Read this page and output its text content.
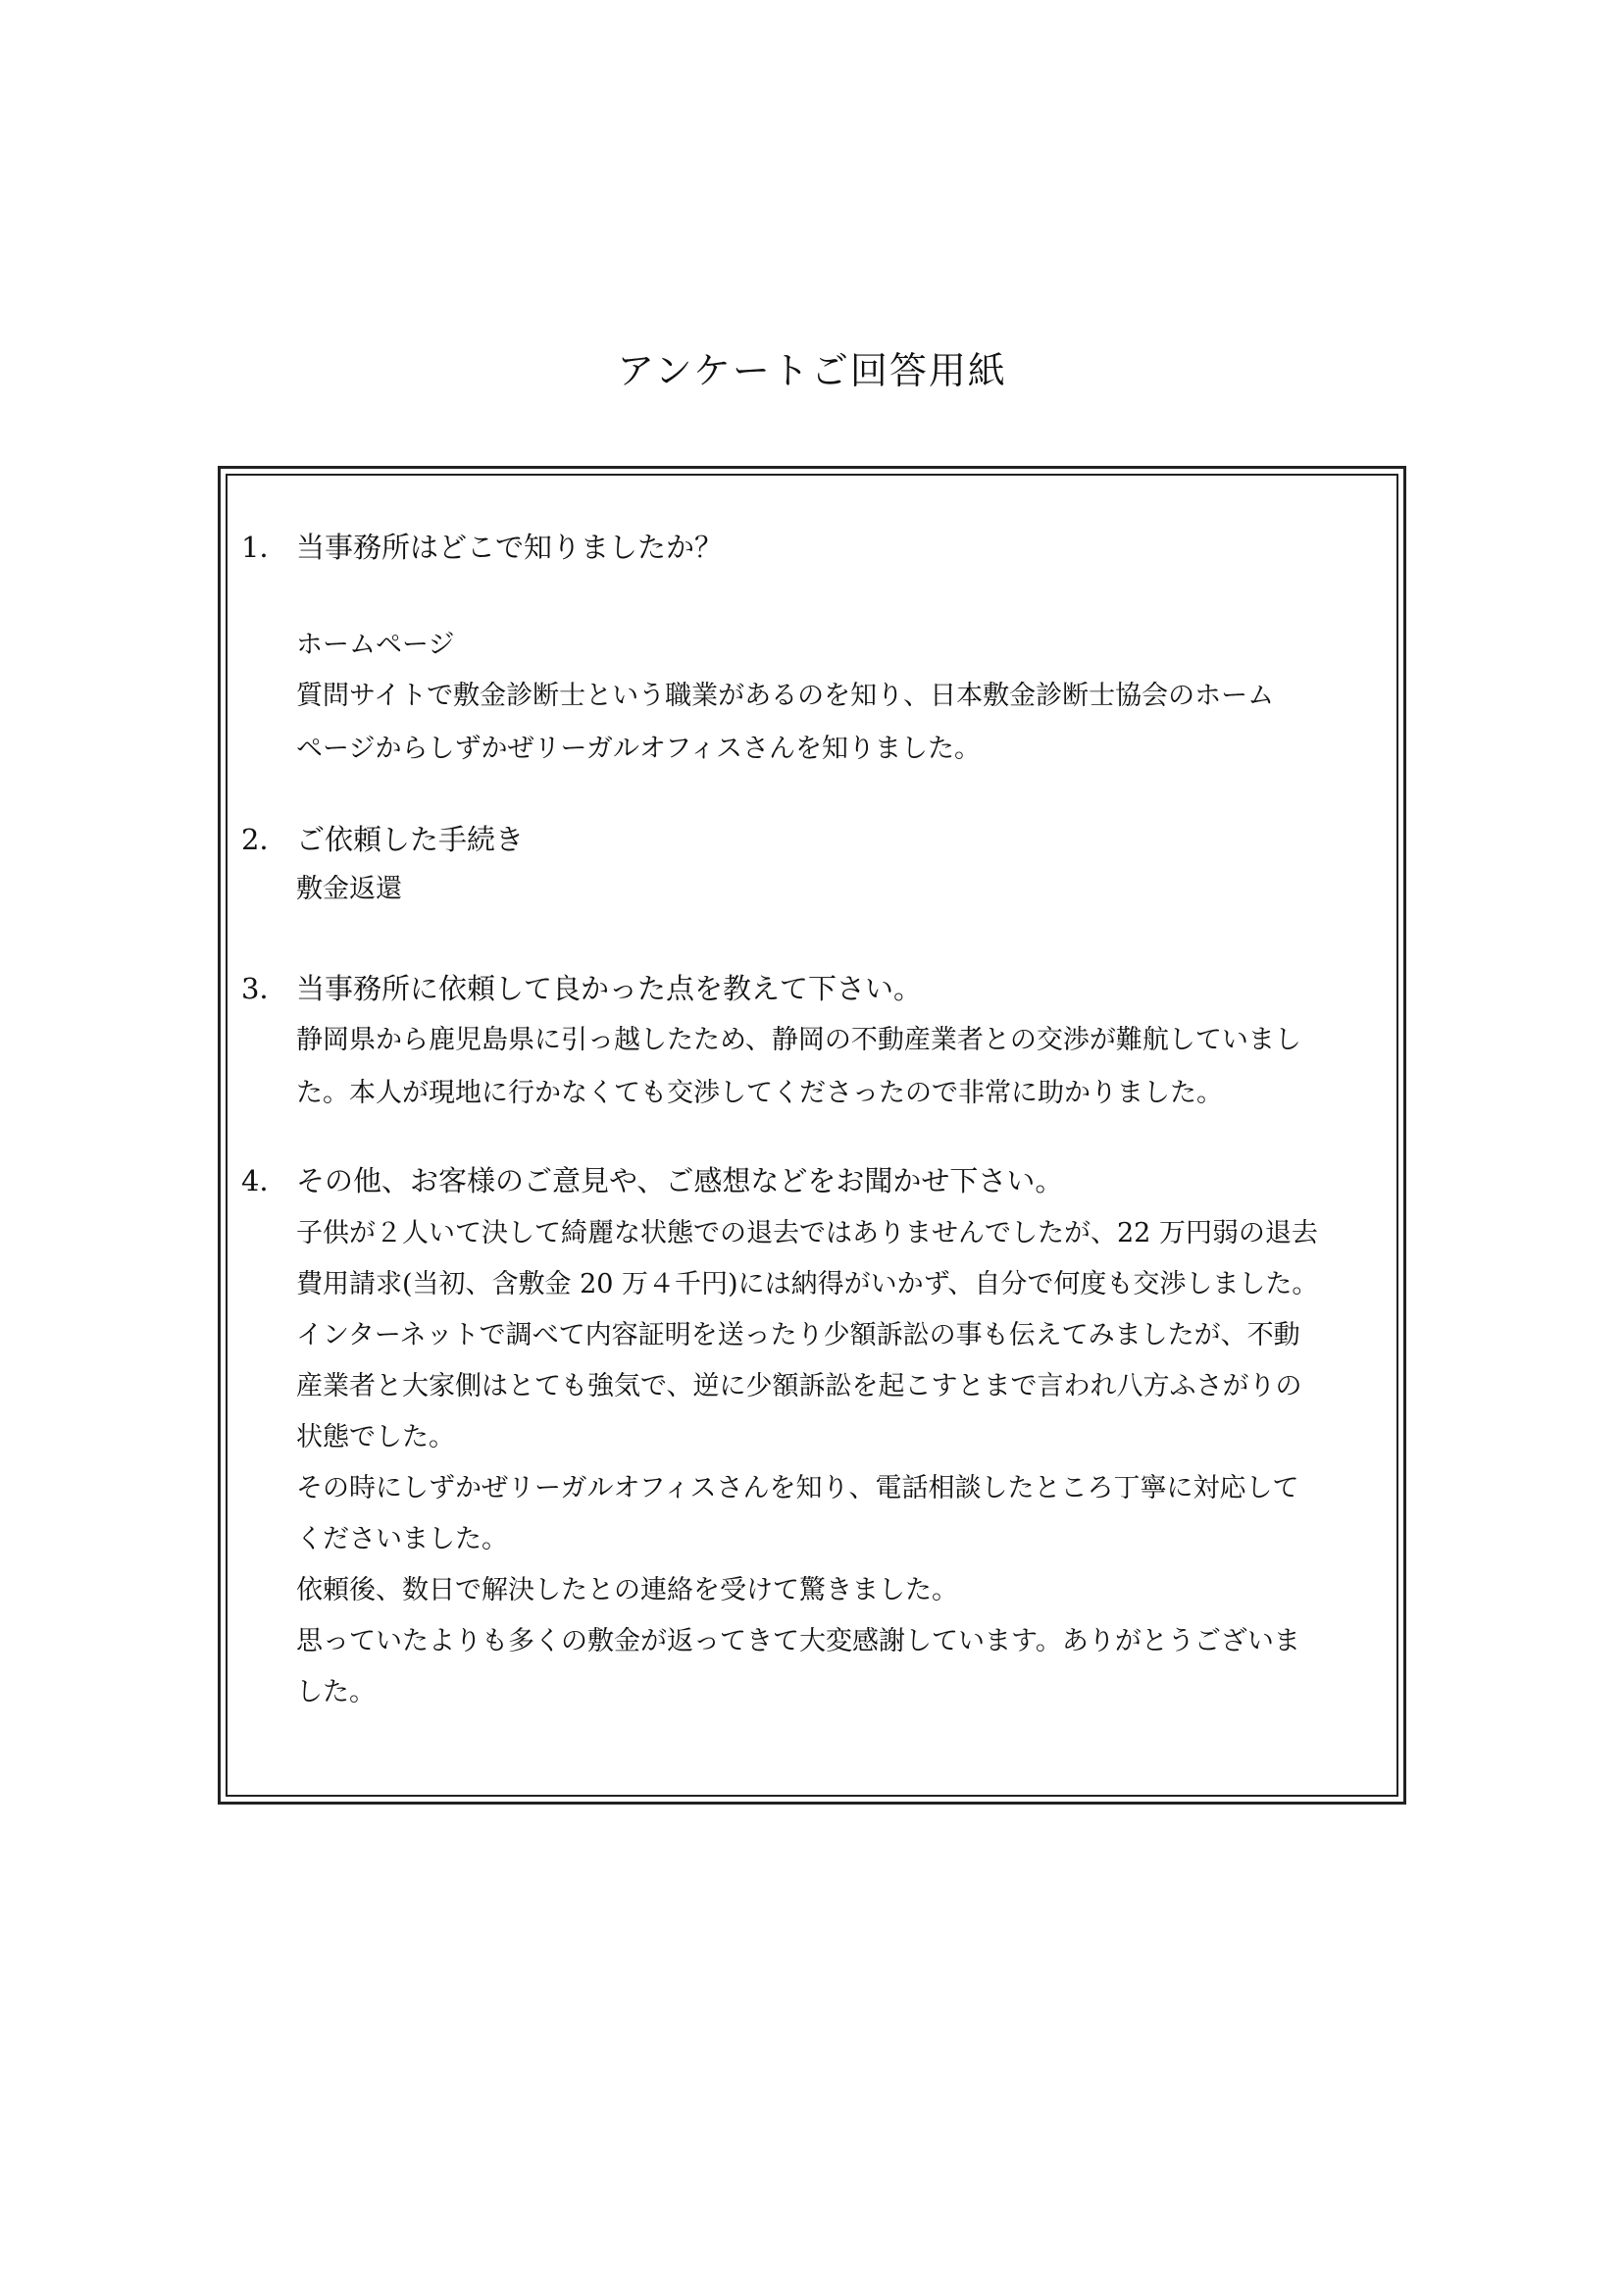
アンケートご回答用紙
1． 当事務所はどこで知りましたか？
ホームページ
質問サイトで敷金診断士という職業があるのを知り、日本敷金診断士協会のホーム
ページからしずかぜリーガルオフィスさんを知りました。
2． ご依頼した手続き
敷金返還
3． 当事務所に依頼して良かった点を教えて下さい。
静岡県から鹿児島県に引っ越したため、静岡の不動産業者との交渉が難航していまし
た。本人が現地に行かなくても交渉してくださったので非常に助かりました。
4． その他、お客様のご意見や、ご感想などをお聞かせ下さい。
子供が２人いて決して綺麗な状態での退去ではありませんでしたが、22 万円弱の退去
費用請求(当初、含敷金 20 万４千円)には納得がいかず、自分で何度も交渉しました。
インターネットで調べて内容証明を送ったり少額訴訟の事も伝えてみましたが、不動
産業者と大家側はとても強気で、逆に少額訴訟を起こすとまで言われ八方ふさがりの
状態でした。
その時にしずかぜリーガルオフィスさんを知り、電話相談したところ丁寧に対応して
くださいました。
依頼後、数日で解決したとの連絡を受けて驚きました。
思っていたよりも多くの敷金が返ってきて大変感謝しています。ありがとうございま
した。
